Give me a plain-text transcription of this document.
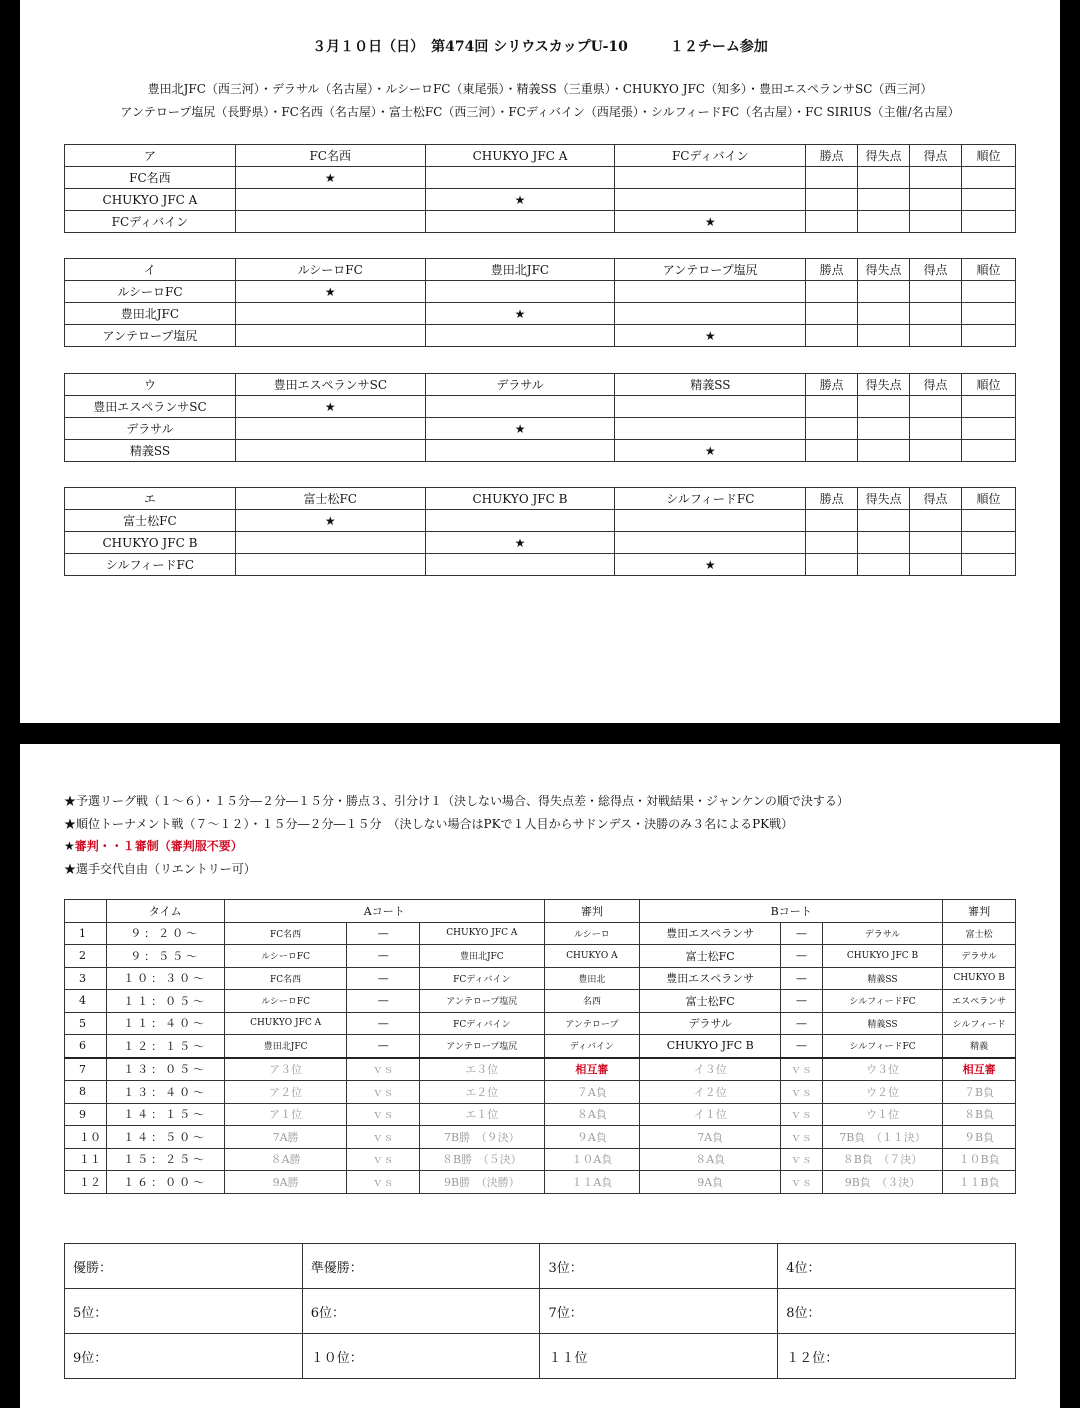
３月１０日（日）　第474回 シリウスカップU-10　　　１２チーム参加
豊田北JFC（西三河）・デラサル（名古屋）・ルシーロFC（東尾張）・精義SS（三重県）・CHUKYO JFC（知多）・豊田エスペランサSC（西三河）
アンテロープ塩尻（長野県）・FC名西（名古屋）・富士松FC（西三河）・FCディバイン（西尾張）・シルフィードFC（名古屋）・FC SIRIUS（主催/名古屋）
ア	FC名西	CHUKYO JFC A	FCディバイン	勝点	得失点	得点	順位
FC名西	★						
CHUKYO JFC A		★					
FCディバイン			★				
イ	ルシーロFC	豊田北JFC	アンテロープ塩尻	勝点	得失点	得点	順位
ルシーロFC	★						
豊田北JFC		★					
アンテロープ塩尻			★				
ウ	豊田エスペランサSC	デラサル	精義SS	勝点	得失点	得点	順位
豊田エスペランサSC	★						
デラサル		★					
精義SS			★				
エ	富士松FC	CHUKYO JFC B	シルフィードFC	勝点	得失点	得点	順位
富士松FC	★						
CHUKYO JFC B		★					
シルフィードFC			★				
★予選リーグ戦（１～６）・１５分―２分―１５分・勝点３、引分け１（決しない場合、得失点差・総得点・対戦結果・ジャンケンの順で決する）
★順位トーナメント戦（７～１２）・１５分―２分―１５分　（決しない場合はPKで１人目からサドンデス・決勝のみ３名によるPK戦）
★審判・・１審制（審判服不要）
★選手交代自由（リエントリー可）
	タイム	Aコート			審判	Bコート			審判
1	９：２０～	FC名西	—	CHUKYO JFC A	ルシーロ	豊田エスペランサ	—	デラサル	富士松
2	９：５５～	ルシーロFC	—	豊田北JFC	CHUKYO A	富士松FC	—	CHUKYO JFC B	デラサル
3	１０：３０～	FC名西	—	FCディバイン	豊田北	豊田エスペランサ	—	精義SS	CHUKYO B
4	１１：０５～	ルシーロFC	—	アンテロープ塩尻	名西	富士松FC	—	シルフィードFC	エスペランサ
5	１１：４０～	CHUKYO JFC A	—	FCディバイン	アンテロープ	デラサル	—	精義SS	シルフィード
6	１２：１５～	豊田北JFC	—	アンテロープ塩尻	ディバイン	CHUKYO JFC B	—	シルフィードFC	精義
7	１３：０５～	ア３位	ｖｓ	エ３位	相互審	イ３位	ｖｓ	ウ３位	相互審
8	１３：４０～	ア２位	ｖｓ	エ２位	７A負	イ２位	ｖｓ	ウ２位	７B負
9	１４：１５～	ア１位	ｖｓ	エ１位	８A負	イ１位	ｖｓ	ウ１位	８B負
１０	１４：５０～	7A勝	ｖｓ	7B勝　（９決）	９A負	7A負	ｖｓ	7B負　（１１決）	９B負
１１	１５：２５～	８A勝	ｖｓ	８B勝　（５決）	１０A負	８A負	ｖｓ	８B負　（７決）	１０B負
１２	１６：００～	9A勝	ｖｓ	9B勝　（決勝）	１１A負	9A負	ｖｓ	9B負　（３決）	１１B負
優勝：	準優勝：	3位：	4位：
5位：	6位：	7位：	8位：
9位：	１０位：	１１位	１２位：
